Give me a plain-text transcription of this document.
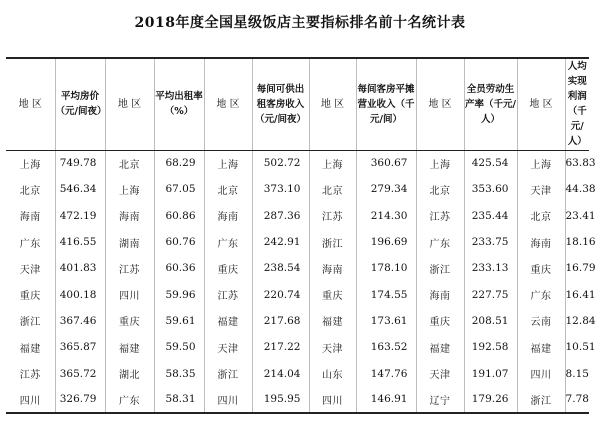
2018年度全国星级饭店主要指标排名前十名统计表
地 区	平均房价（元/间夜）	地 区	平均出租率（%）	地 区	每间可供出租客房收入（元/间夜）	地 区	每间客房平摊营业收入（千元/间）	地 区	全员劳动生产率（千元/人）	地 区	人均实现利润（千元/人）
上海	749.78	北京	68.29	上海	502.72	上海	360.67	上海	425.54	上海	63.83
北京	546.34	上海	67.05	北京	373.10	北京	279.34	北京	353.60	天津	44.38
海南	472.19	海南	60.86	海南	287.36	江苏	214.30	江苏	235.44	北京	23.41
广东	416.55	湖南	60.76	广东	242.91	浙江	196.69	广东	233.75	海南	18.16
天津	401.83	江苏	60.36	重庆	238.54	海南	178.10	浙江	233.13	重庆	16.79
重庆	400.18	四川	59.96	江苏	220.74	重庆	174.55	海南	227.75	广东	16.41
浙江	367.46	重庆	59.61	福建	217.68	福建	173.61	重庆	208.51	云南	12.84
福建	365.87	福建	59.50	天津	217.22	天津	163.52	福建	192.58	福建	10.51
江苏	365.72	湖北	58.35	浙江	214.04	山东	147.76	天津	191.07	四川	8.15
四川	326.79	广东	58.31	四川	195.95	四川	146.91	辽宁	179.26	浙江	7.78
